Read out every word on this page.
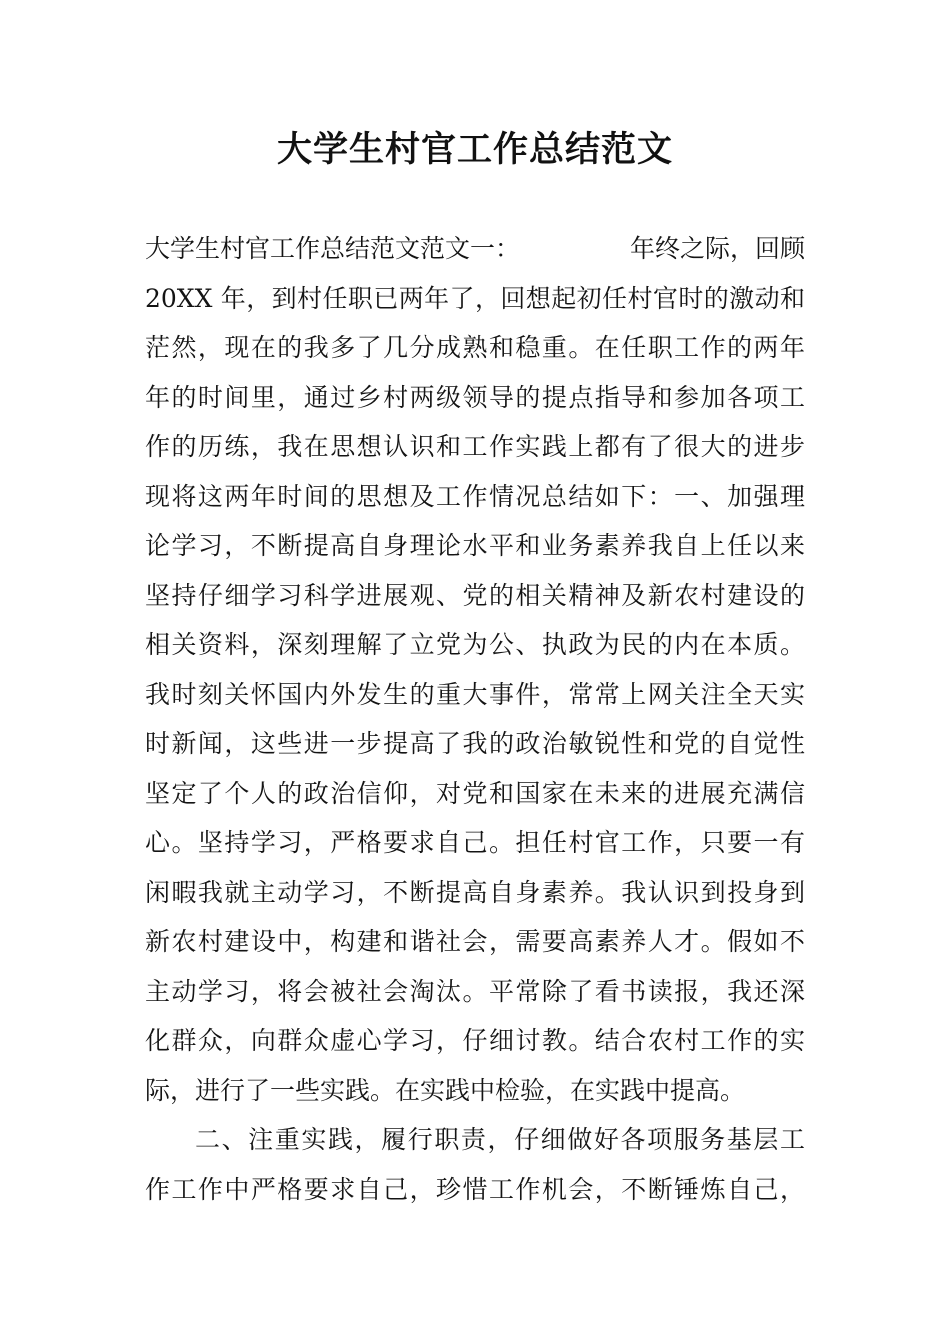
大学生村官工作总结范文
大学生村官工作总结范文范文一：	年终之际，回顾
20XX 年，到村任职已两年了，回想起初任村官时的激动和
茫然，现在的我多了几分成熟和稳重。在任职工作的两年
年的时间里，通过乡村两级领导的提点指导和参加各项工
作的历练，我在思想认识和工作实践上都有了很大的进步
现将这两年时间的思想及工作情况总结如下：一、加强理
论学习，不断提高自身理论水平和业务素养我自上任以来
坚持仔细学习科学进展观、党的相关精神及新农村建设的
相关资料，深刻理解了立党为公、执政为民的内在本质。
我时刻关怀国内外发生的重大事件，常常上网关注全天实
时新闻，这些进一步提高了我的政治敏锐性和党的自觉性
坚定了个人的政治信仰，对党和国家在未来的进展充满信
心。坚持学习，严格要求自己。担任村官工作，只要一有
闲暇我就主动学习，不断提高自身素养。我认识到投身到
新农村建设中，构建和谐社会，需要高素养人才。假如不
主动学习，将会被社会淘汰。平常除了看书读报，我还深
化群众，向群众虚心学习，仔细讨教。结合农村工作的实
际，进行了一些实践。在实践中检验，在实践中提高。
二、注重实践，履行职责，仔细做好各项服务基层工
作工作中严格要求自己，珍惜工作机会，不断锤炼自己，
